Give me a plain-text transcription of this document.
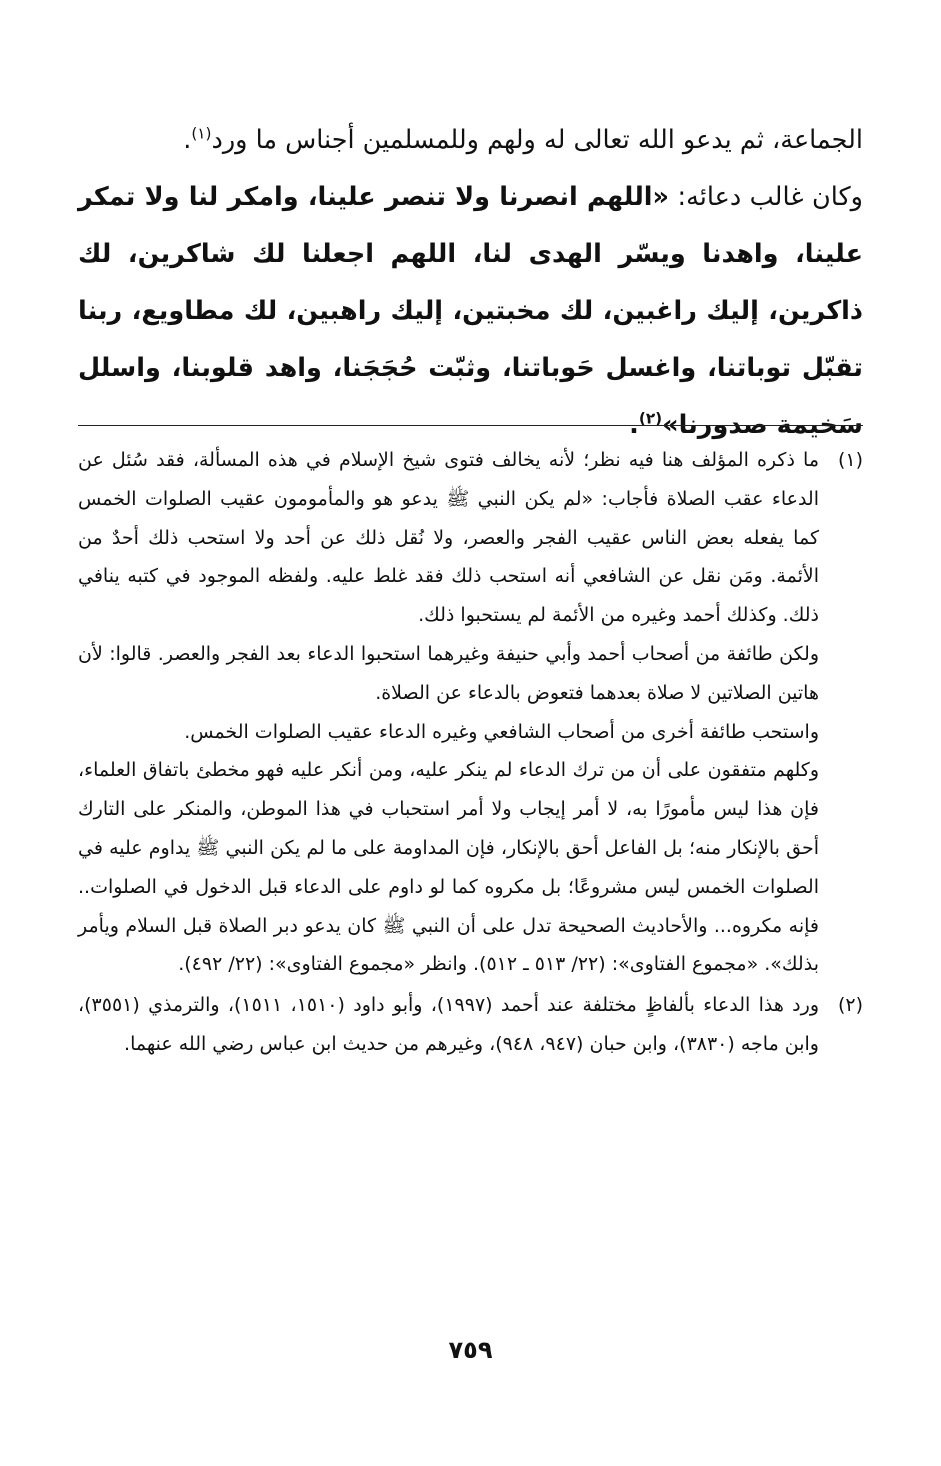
الجماعة، ثم يدعو الله تعالى له ولهم وللمسلمين أجناس ما ورد$^{(١)}$.

وكان غالب دعائه: «اللهم انصرنا ولا تنصر علينا، وامكر لنا ولا تمكر علينا، واهدنا ويسّر الهدى لنا، اللهم اجعلنا لك شاكرين، لك ذاكرين، إليك راغبين، لك مخبتين، إليك راهبين، لك مطاويع، ربنا تقبّل توباتنا، واغسل حَوباتنا، وثبّت حُجَجَنا، واهد قلوبنا، واسلل سَخيمة صدورنا»$^{(٢)}$.

(١)

ما ذكره المؤلف هنا فيه نظر؛ لأنه يخالف فتوى شيخ الإسلام في هذه المسألة، فقد سُئل عن الدعاء عقب الصلاة فأجاب: «لم يكن النبي ﷺ يدعو هو والمأمومون عقيب الصلوات الخمس كما يفعله بعض الناس عقيب الفجر والعصر، ولا نُقل ذلك عن أحد ولا استحب ذلك أحدٌ من الأئمة. ومَن نقل عن الشافعي أنه استحب ذلك فقد غلط عليه. ولفظه الموجود في كتبه ينافي ذلك. وكذلك أحمد وغيره من الأئمة لم يستحبوا ذلك.

ولكن طائفة من أصحاب أحمد وأبي حنيفة وغيرهما استحبوا الدعاء بعد الفجر والعصر. قالوا: لأن هاتين الصلاتين لا صلاة بعدهما فتعوض بالدعاء عن الصلاة.

واستحب طائفة أخرى من أصحاب الشافعي وغيره الدعاء عقيب الصلوات الخمس.

وكلهم متفقون على أن من ترك الدعاء لم ينكر عليه، ومن أنكر عليه فهو مخطئ باتفاق العلماء، فإن هذا ليس مأمورًا به، لا أمر إيجاب ولا أمر استحباب في هذا الموطن، والمنكر على التارك أحق بالإنكار منه؛ بل الفاعل أحق بالإنكار، فإن المداومة على ما لم يكن النبي ﷺ يداوم عليه في الصلوات الخمس ليس مشروعًا؛ بل مكروه كما لو داوم على الدعاء قبل الدخول في الصلوات.. فإنه مكروه... والأحاديث الصحيحة تدل على أن النبي ﷺ كان يدعو دبر الصلاة قبل السلام ويأمر بذلك». «مجموع الفتاوى»: (٢٢/ ٥١٣ ـ ٥١٢). وانظر «مجموع الفتاوى»: (٢٢/ ٤٩٢).

(٢)

ورد هذا الدعاء بألفاظٍ مختلفة عند أحمد (١٩٩٧)، وأبو داود (١٥١٠، ١٥١١)، والترمذي (٣٥٥١)، وابن ماجه (٣٨٣٠)، وابن حبان (٩٤٧، ٩٤٨)، وغيرهم من حديث ابن عباس رضي الله عنهما.

٧٥٩
